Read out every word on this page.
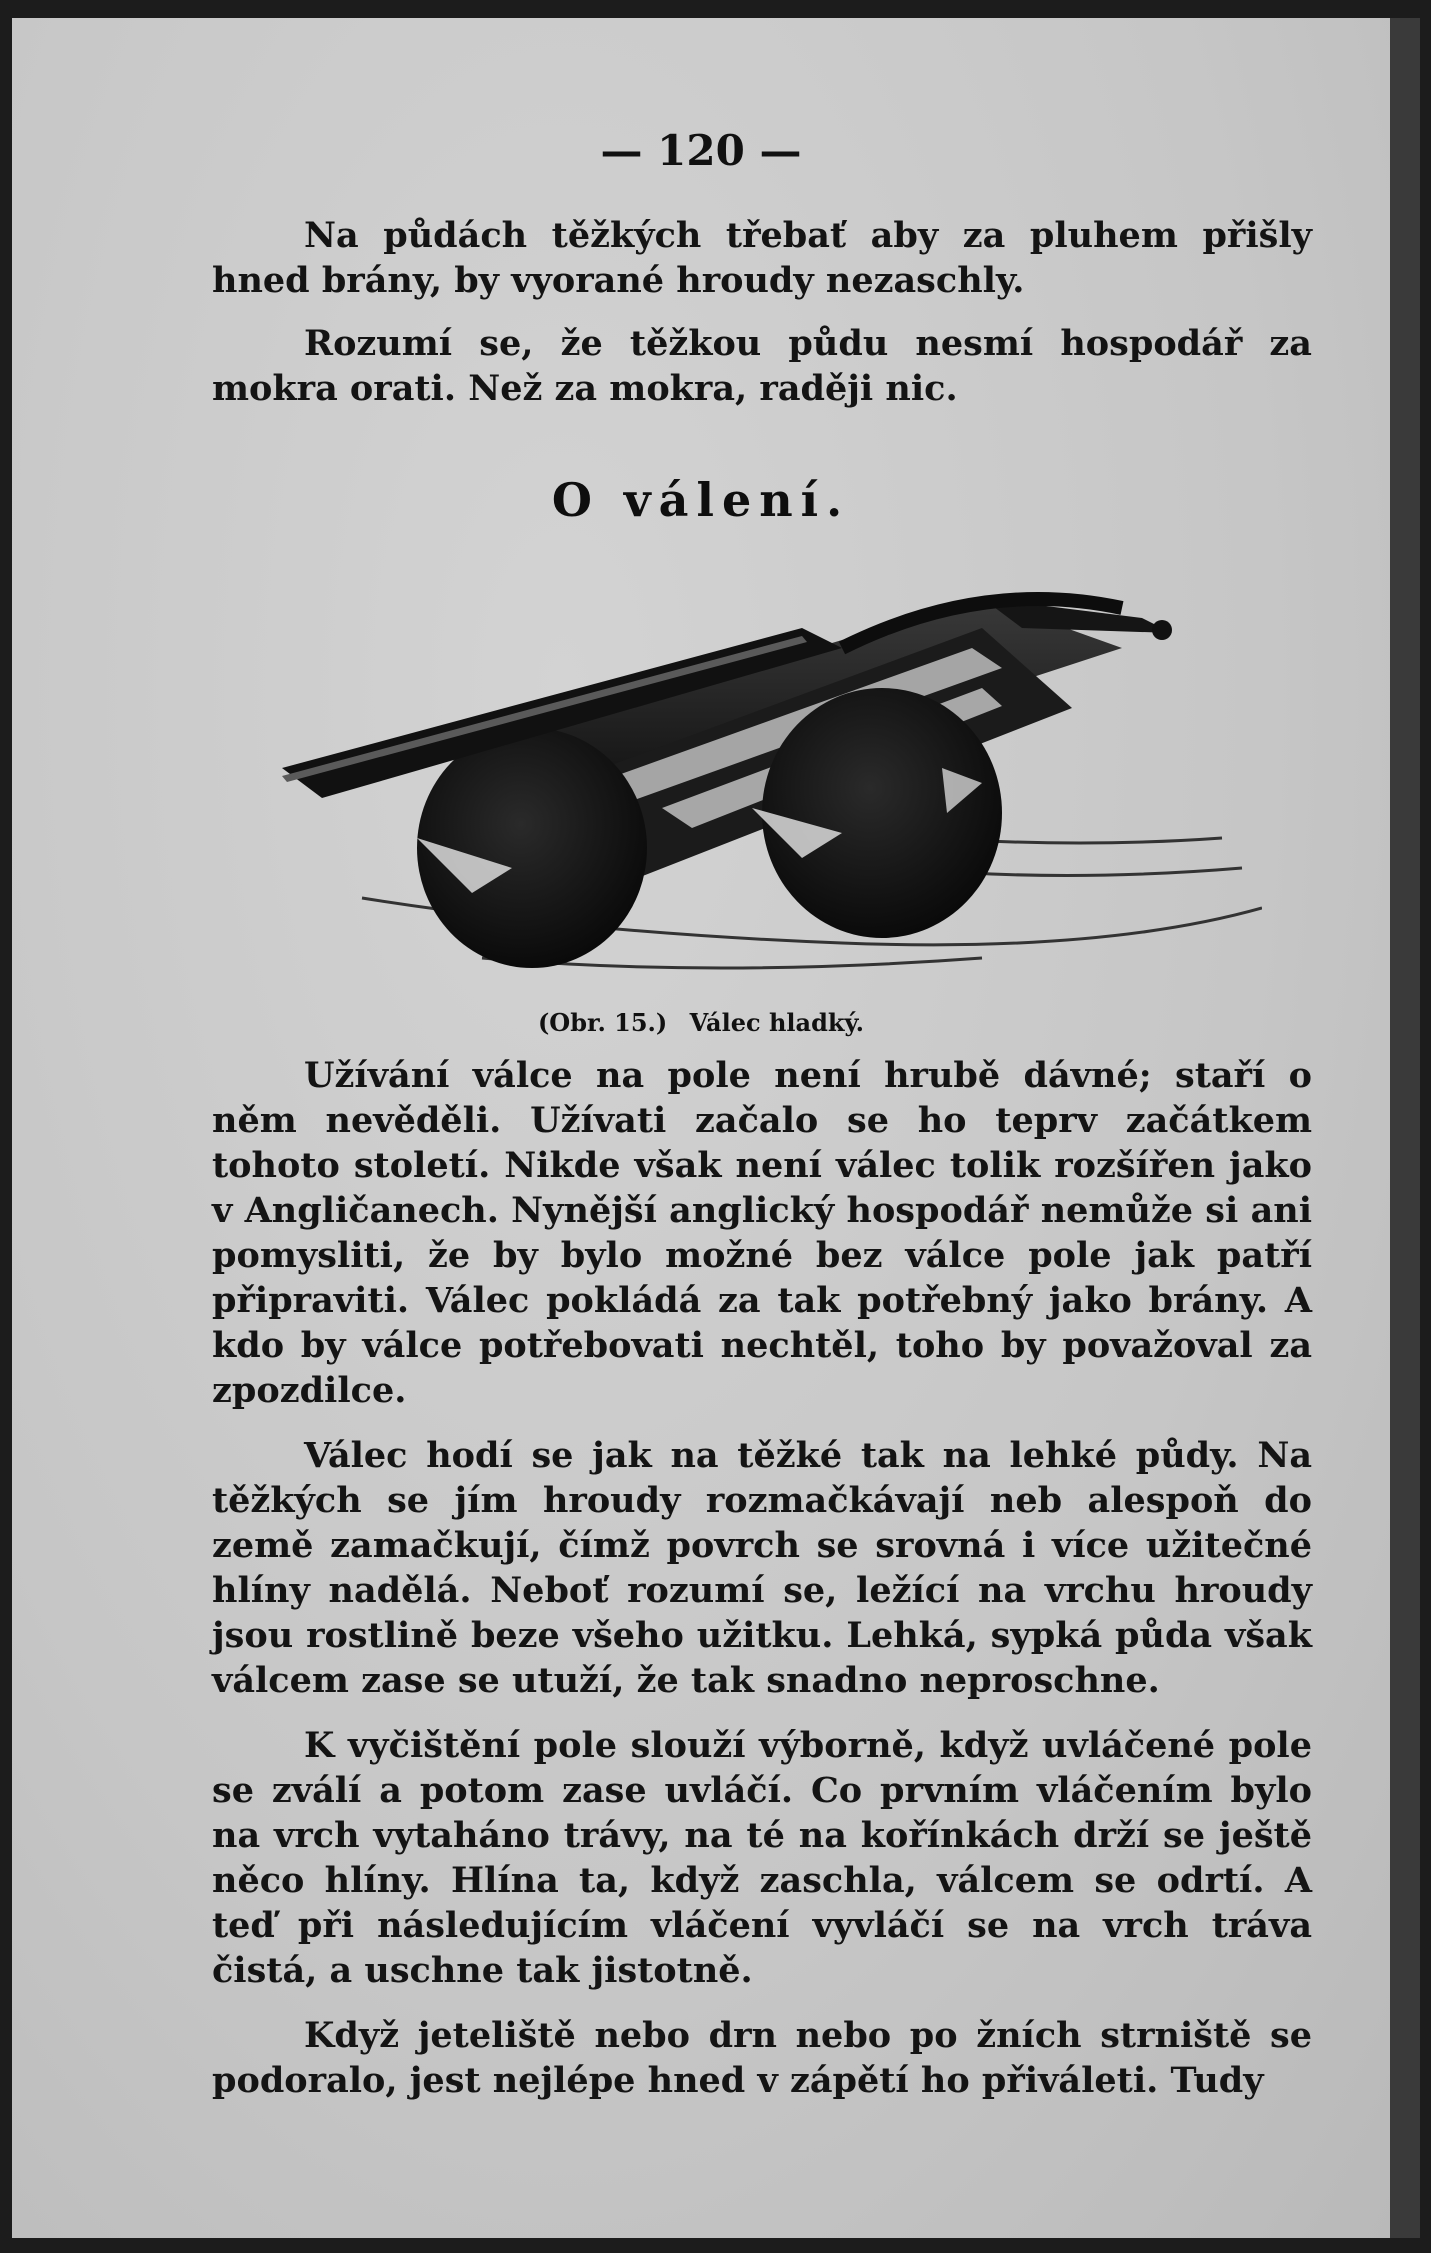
— 120 —

Na půdách těžkých třebať aby za pluhem přišly hned brány, by vyorané hroudy nezaschly.

Rozumí se, že těžkou půdu nesmí hospodář za mokra orati. Než za mokra, raději nic.

O válení.
(Obr. 15.) Válec hladký.

Užívání válce na pole není hrubě dávné; staří o něm nevěděli. Užívati začalo se ho teprv začátkem tohoto století. Nikde však není válec tolik rozšířen jako v Angličanech. Nynější anglický hospodář nemůže si ani pomysliti, že by bylo možné bez válce pole jak patří připraviti. Válec pokládá za tak potřebný jako brány. A kdo by válce potřebovati nechtěl, toho by považoval za zpozdilce.

Válec hodí se jak na těžké tak na lehké půdy. Na těžkých se jím hroudy rozmačkávají neb alespoň do země zamačkují, čímž povrch se srovná i více užitečné hlíny nadělá. Neboť rozumí se, ležící na vrchu hroudy jsou rostlině beze všeho užitku. Lehká, sypká půda však válcem zase se utuží, že tak snadno neproschne.

K vyčištění pole slouží výborně, když uvláčené pole se zválí a potom zase uvláčí. Co prvním vláčením bylo na vrch vytaháno trávy, na té na kořínkách drží se ještě něco hlíny. Hlína ta, když zaschla, válcem se odrtí. A teď při následujícím vláčení vyvláčí se na vrch tráva čistá, a uschne tak jistotně.

Když jeteliště nebo drn nebo po žních strniště se podoralo, jest nejlépe hned v zápětí ho přiváleti. Tudy
